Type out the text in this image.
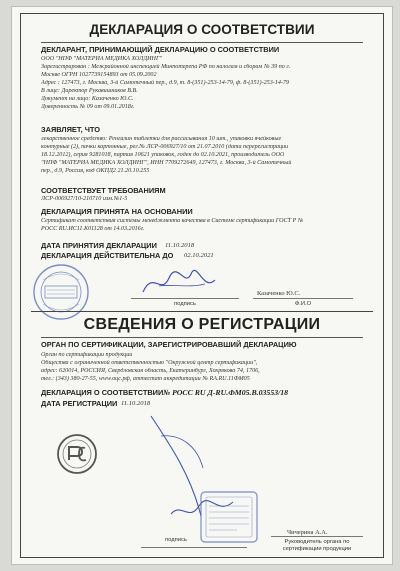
ДЕКЛАРАЦИЯ О СООТВЕТСТВИИ
ДЕКЛАРАНТ, ПРИНИМАЮЩИЙ ДЕКЛАРАЦИЮ О СООТВЕТСТВИИ
ООО "НПФ "МАТЕРИА МЕДИКА ХОЛДИНГ"
Зарегистрирован : Межрайонной инспекцией Минпотерепа РФ по налогам и сборам № 39 по г.
Москве ОГРН 1027739154893 от 05.09.2002
Адрес : 127473, г. Москва, 3-й Самотечный пер., д.9, т. 8-(351)-253-14-79, ф. 8-(351)-253-14-79
В лице: Директор Рукавишников В.В.
Документ на лицо: Казаченко Ю.С.
Доверенность № 09 от 09.01.2018г.
ЗАЯВЛЯЕТ, ЧТО
лекарственное средство: Ренгалин таблетки для рассасывания 10 шт., упаковки ячейковые
контурные (2), пачки картонные, рег.№ ЛСР-006927/10 от 21.07.2010 (дата перерегистрации
18.12.2012), серия 9281018, партия 10621 упаковок, годен до 02.10.2021, производитель ООО
"НПФ "МАТЕРИА МЕДИКА ХОЛДИНГ", ИНН 7709272649, 127473, г. Москва, 3-й Самотечный
пер., д.9, Россия, код ОКПД2 21.20.10.255
СООТВЕТСТВУЕТ ТРЕБОВАНИЯМ
ЛСР-006927/10-210710 изм.№1-5
ДЕКЛАРАЦИЯ ПРИНЯТА НА ОСНОВАНИИ
Сертификат соответствия системы менеджмента качества в Системе сертификации ГОСТ Р №
РОСС RU.ИС11.К01128 от 14.03.2016г.
ДАТА ПРИНЯТИЯ ДЕКЛАРАЦИИ 11.10.2018
ДЕКЛАРАЦИЯ ДЕЙСТВИТЕЛЬНА ДО 02.10.2021
подпись
Казаченко Ю.С.
Ф.И.О
СВЕДЕНИЯ О РЕГИСТРАЦИИ
ОРГАН ПО СЕРТИФИКАЦИИ, ЗАРЕГИСТРИРОВАВШИЙ ДЕКЛАРАЦИЮ
Орган по сертификации продукции
Общества с ограниченной ответственностью "Окружной центр сертификации",
адрес: 620014, РОССИЯ, Свердловская область, Екатеринбург, Хохрякова 74, 1706,
тел.: (343) 380-27-55, www.оцс.рф, аттестат аккредитации № RA.RU.11ФМ05
ДЕКЛАРАЦИЯ О СООТВЕТСТВИИ № РОСС RU Д-RU.ФМ05.В.03553/18
ДАТА РЕГИСТРАЦИИ 11.10.2018
подпись
Чичерина А.А.
Руководитель органа по
сертификации продукции
